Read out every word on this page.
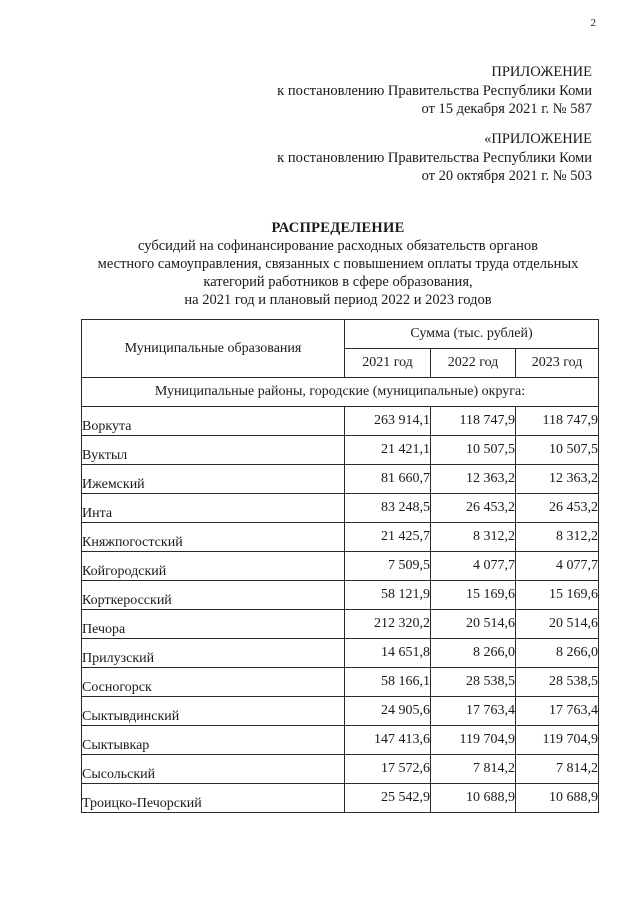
2
ПРИЛОЖЕНИЕ
к постановлению Правительства Республики Коми
от 15 декабря 2021 г. № 587
«ПРИЛОЖЕНИЕ
к постановлению Правительства Республики Коми
от 20 октября 2021 г. № 503
РАСПРЕДЕЛЕНИЕ
субсидий на софинансирование расходных обязательств органов
местного самоуправления, связанных с повышением оплаты труда отдельных
категорий работников в сфере образования,
на 2021 год и плановый период 2022 и 2023 годов
Муниципальные образования	Сумма (тыс. рублей)		
	2021 год	2022 год	2023 год
Муниципальные районы, городские (муниципальные) округа:			
Воркута	263 914,1	118 747,9	118 747,9
Вуктыл	21 421,1	10 507,5	10 507,5
Ижемский	81 660,7	12 363,2	12 363,2
Инта	83 248,5	26 453,2	26 453,2
Княжпогостский	21 425,7	8 312,2	8 312,2
Койгородский	7 509,5	4 077,7	4 077,7
Корткеросский	58 121,9	15 169,6	15 169,6
Печора	212 320,2	20 514,6	20 514,6
Прилузский	14 651,8	8 266,0	8 266,0
Сосногорск	58 166,1	28 538,5	28 538,5
Сыктывдинский	24 905,6	17 763,4	17 763,4
Сыктывкар	147 413,6	119 704,9	119 704,9
Сысольский	17 572,6	7 814,2	7 814,2
Троицко-Печорский	25 542,9	10 688,9	10 688,9
